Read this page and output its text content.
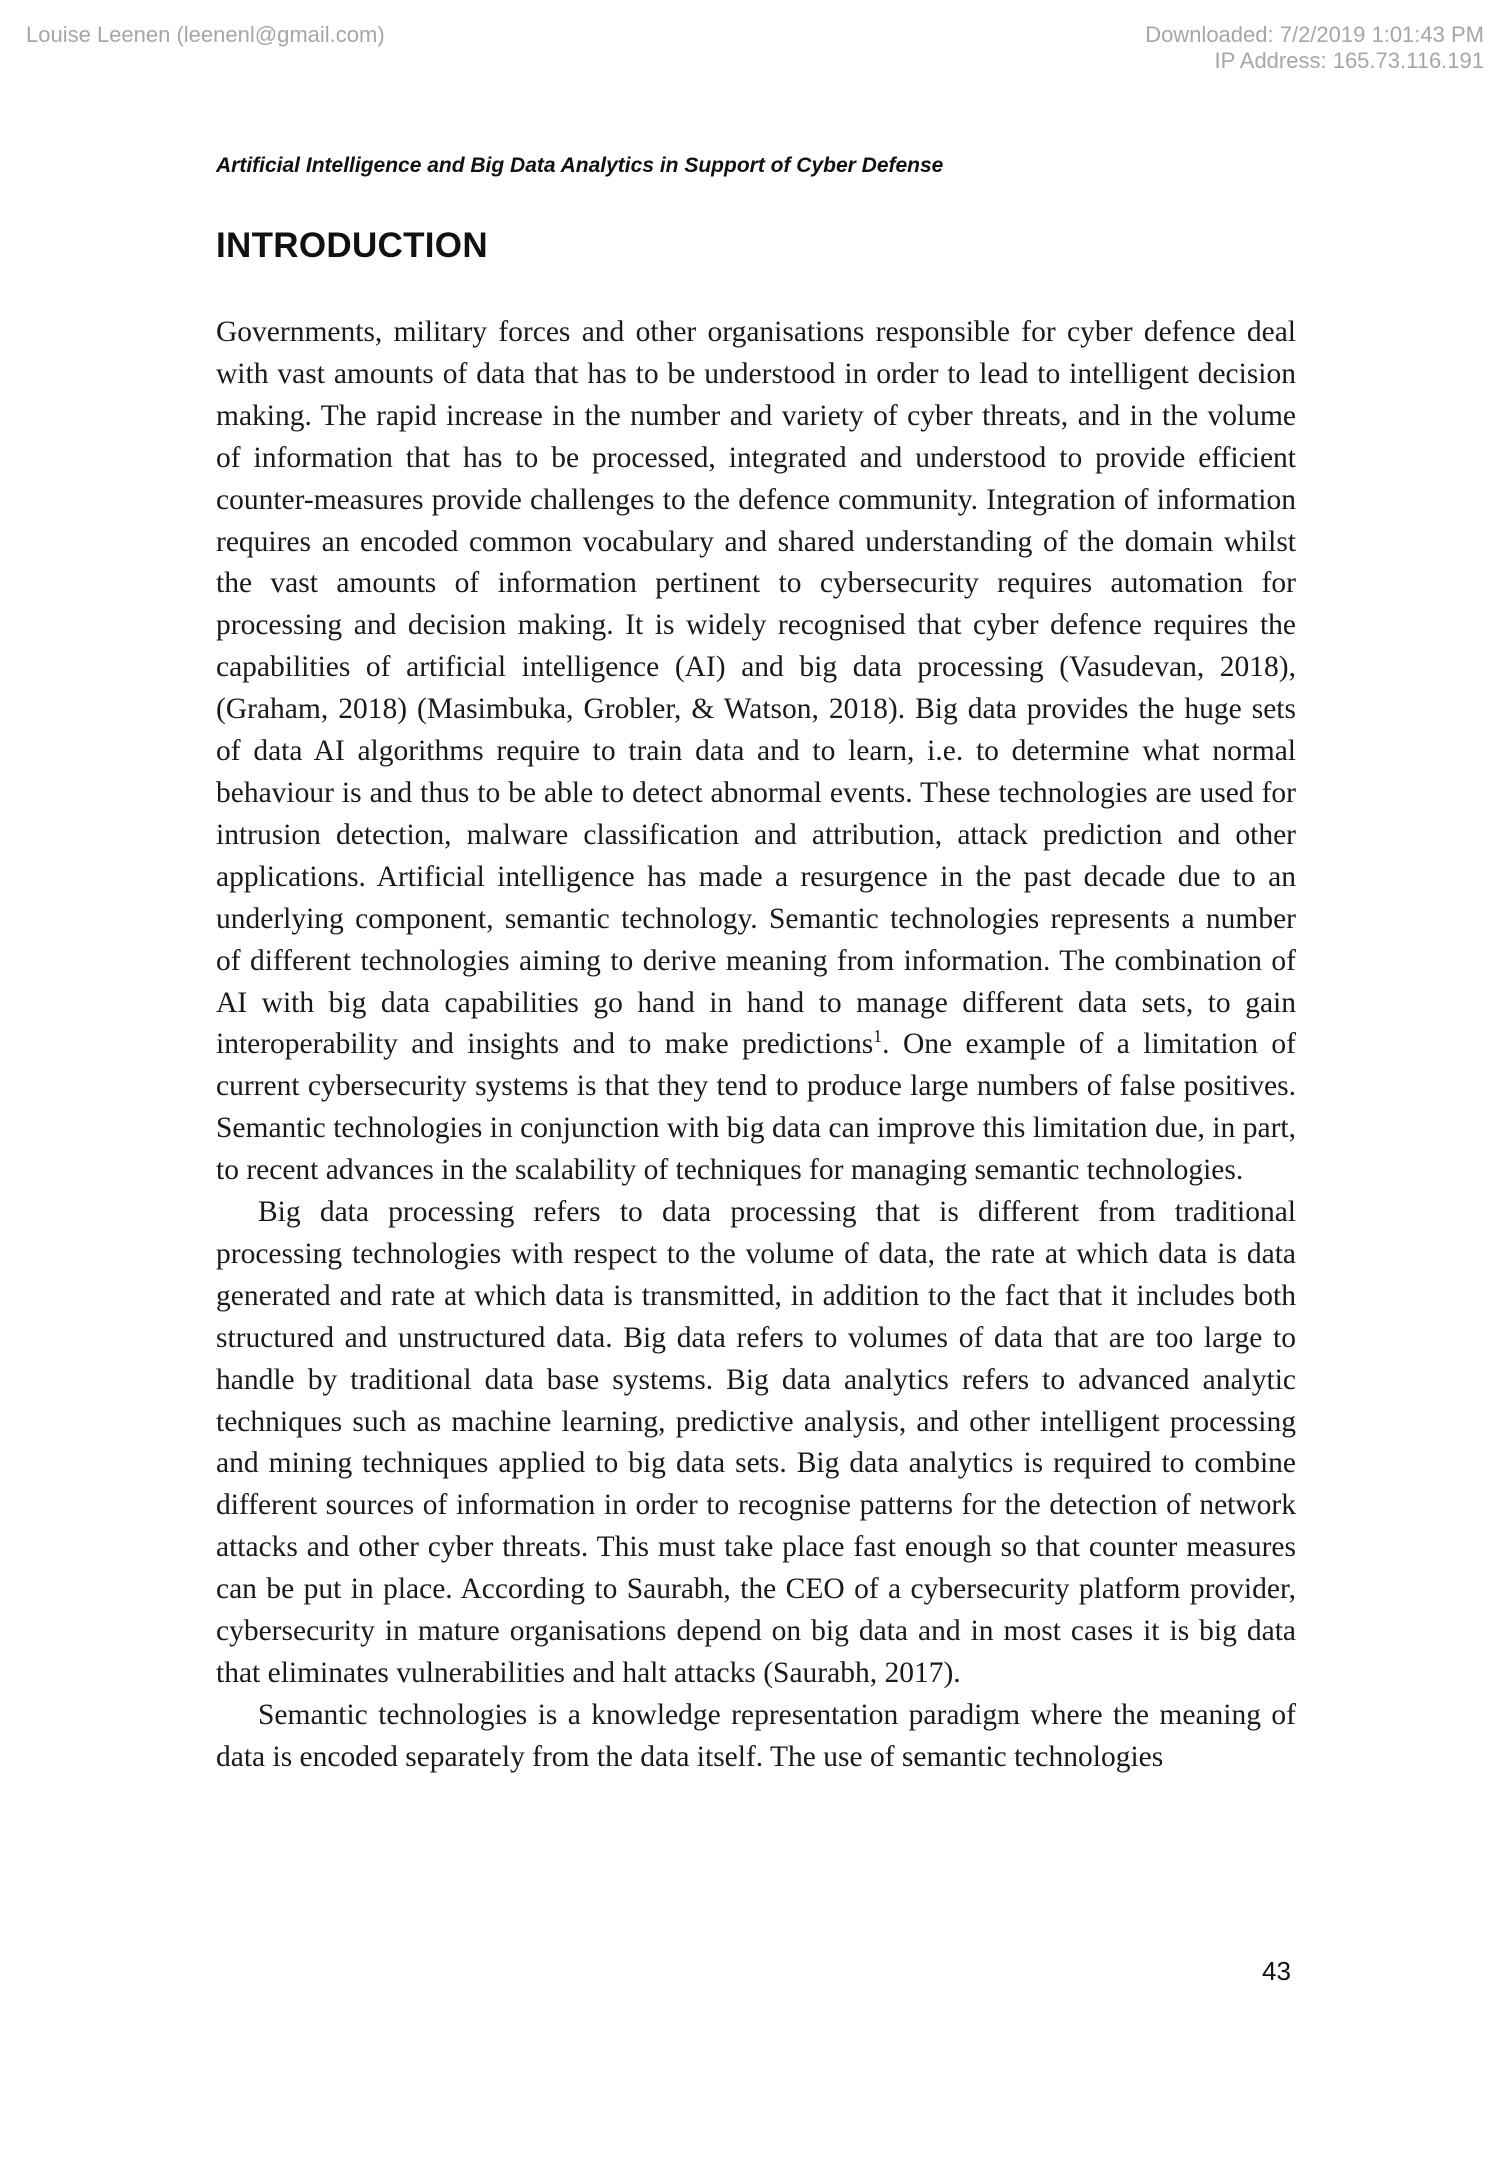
Louise Leenen (leenenl@gmail.com)	Downloaded: 7/2/2019 1:01:43 PM
IP Address: 165.73.116.191
Artificial Intelligence and Big Data Analytics in Support of Cyber Defense
INTRODUCTION

Governments, military forces and other organisations responsible for cyber defence deal with vast amounts of data that has to be understood in order to lead to intelligent decision making. The rapid increase in the number and variety of cyber threats, and in the volume of information that has to be processed, integrated and understood to provide efficient counter-measures provide challenges to the defence community. Integration of information requires an encoded common vocabulary and shared understanding of the domain whilst the vast amounts of information pertinent to cybersecurity requires automation for processing and decision making. It is widely recognised that cyber defence requires the capabilities of artificial intelligence (AI) and big data processing (Vasudevan, 2018), (Graham, 2018) (Masimbuka, Grobler, & Watson, 2018). Big data provides the huge sets of data AI algorithms require to train data and to learn, i.e. to determine what normal behaviour is and thus to be able to detect abnormal events. These technologies are used for intrusion detection, malware classification and attribution, attack prediction and other applications. Artificial intelligence has made a resurgence in the past decade due to an underlying component, semantic technology. Semantic technologies represents a number of different technologies aiming to derive meaning from information. The combination of AI with big data capabilities go hand in hand to manage different data sets, to gain interoperability and insights and to make predictions$^1$. One example of a limitation of current cybersecurity systems is that they tend to produce large numbers of false positives. Semantic technologies in conjunction with big data can improve this limitation due, in part, to recent advances in the scalability of techniques for managing semantic technologies.

Big data processing refers to data processing that is different from traditional processing technologies with respect to the volume of data, the rate at which data is data generated and rate at which data is transmitted, in addition to the fact that it includes both structured and unstructured data. Big data refers to volumes of data that are too large to handle by traditional data base systems. Big data analytics refers to advanced analytic techniques such as machine learning, predictive analysis, and other intelligent processing and mining techniques applied to big data sets. Big data analytics is required to combine different sources of information in order to recognise patterns for the detection of network attacks and other cyber threats. This must take place fast enough so that counter measures can be put in place. According to Saurabh, the CEO of a cybersecurity platform provider, cybersecurity in mature organisations depend on big data and in most cases it is big data that eliminates vulnerabilities and halt attacks (Saurabh, 2017).

Semantic technologies is a knowledge representation paradigm where the meaning of data is encoded separately from the data itself. The use of semantic technologies

43
